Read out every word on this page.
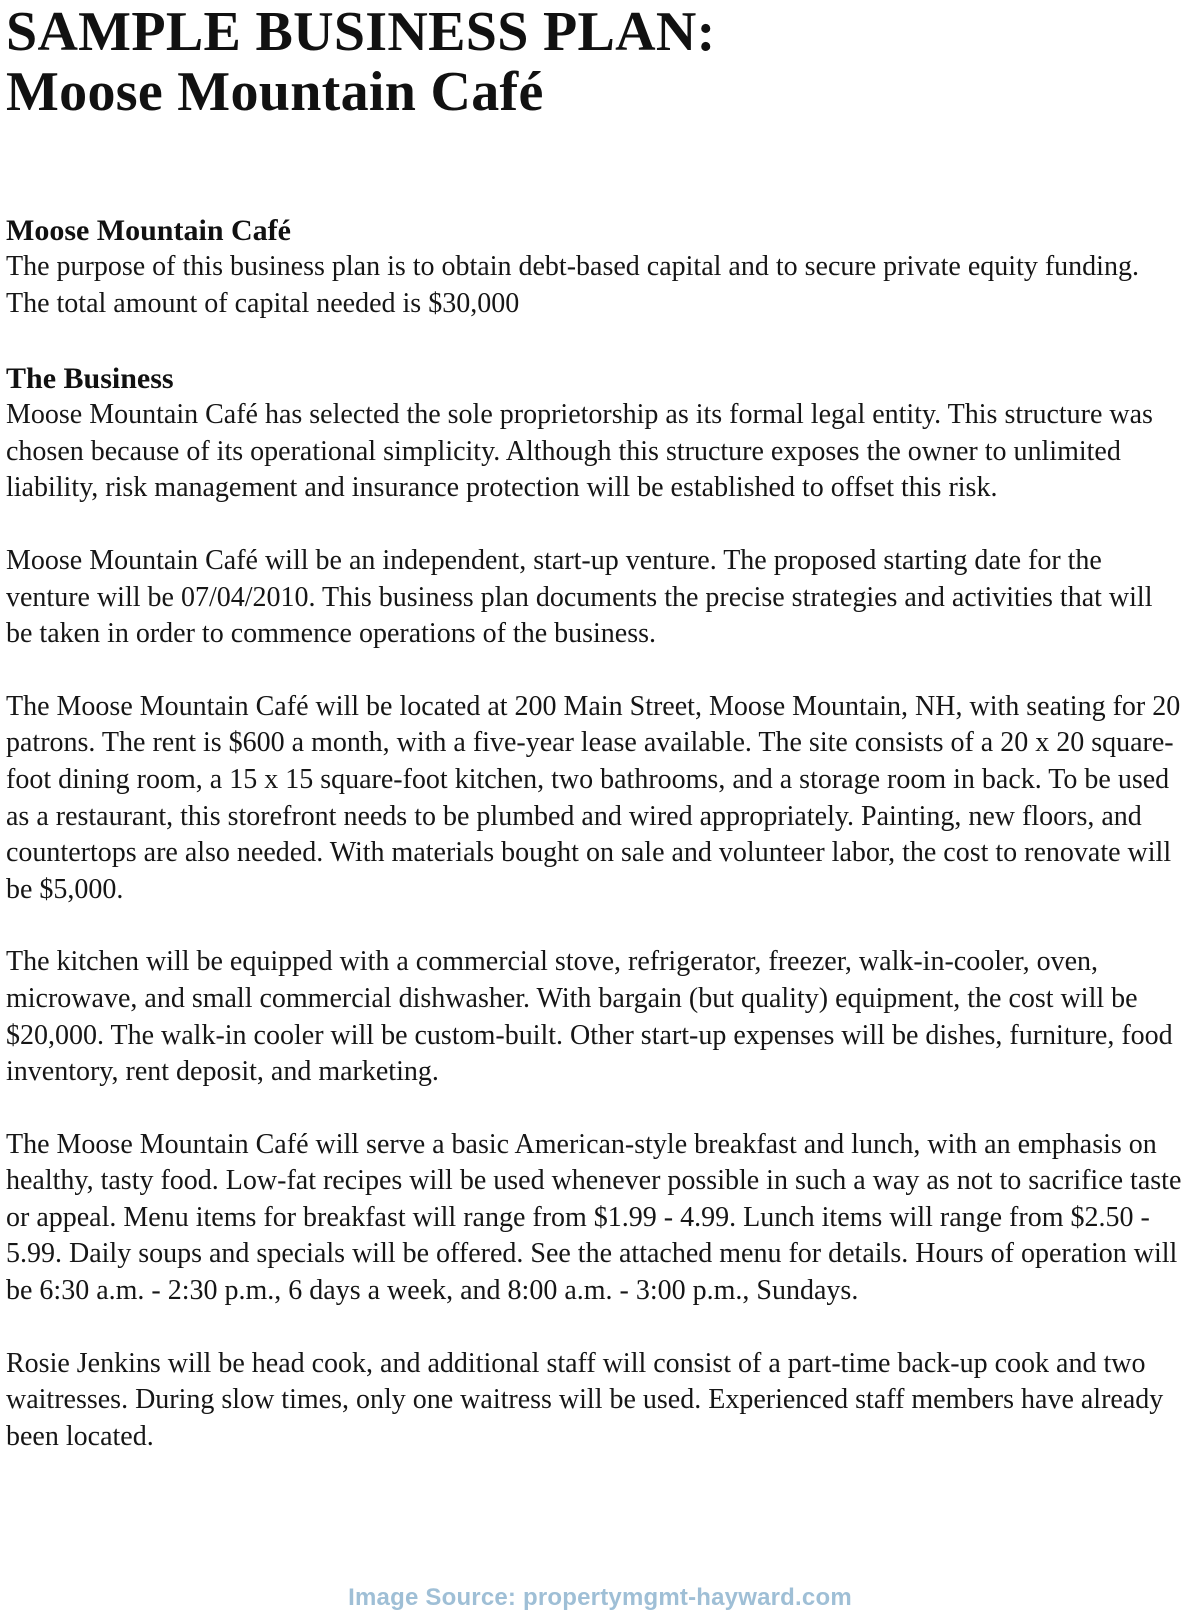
SAMPLE BUSINESS PLAN:
Moose Mountain Café
Moose Mountain Café

The purpose of this business plan is to obtain debt-based capital and to secure private equity funding. The total amount of capital needed is $30,000

The Business

Moose Mountain Café has selected the sole proprietorship as its formal legal entity. This structure was chosen because of its operational simplicity. Although this structure exposes the owner to unlimited liability, risk management and insurance protection will be established to offset this risk.

Moose Mountain Café will be an independent, start-up venture. The proposed starting date for the venture will be 07/04/2010. This business plan documents the precise strategies and activities that will be taken in order to commence operations of the business.

The Moose Mountain Café will be located at 200 Main Street, Moose Mountain, NH, with seating for 20 patrons. The rent is $600 a month, with a five-year lease available. The site consists of a 20 x 20 square-foot dining room, a 15 x 15 square-foot kitchen, two bathrooms, and a storage room in back. To be used as a restaurant, this storefront needs to be plumbed and wired appropriately. Painting, new floors, and countertops are also needed. With materials bought on sale and volunteer labor, the cost to renovate will be $5,000.

The kitchen will be equipped with a commercial stove, refrigerator, freezer, walk-in-cooler, oven, microwave, and small commercial dishwasher. With bargain (but quality) equipment, the cost will be $20,000. The walk-in cooler will be custom-built. Other start-up expenses will be dishes, furniture, food inventory, rent deposit, and marketing.

The Moose Mountain Café will serve a basic American-style breakfast and lunch, with an emphasis on healthy, tasty food. Low-fat recipes will be used whenever possible in such a way as not to sacrifice taste or appeal. Menu items for breakfast will range from $1.99 - 4.99. Lunch items will range from $2.50 - 5.99. Daily soups and specials will be offered. See the attached menu for details. Hours of operation will be 6:30 a.m. - 2:30 p.m., 6 days a week, and 8:00 a.m. - 3:00 p.m., Sundays.

Rosie Jenkins will be head cook, and additional staff will consist of a part-time back-up cook and two waitresses. During slow times, only one waitress will be used. Experienced staff members have already been located.

Image Source: propertymgmt-hayward.com
